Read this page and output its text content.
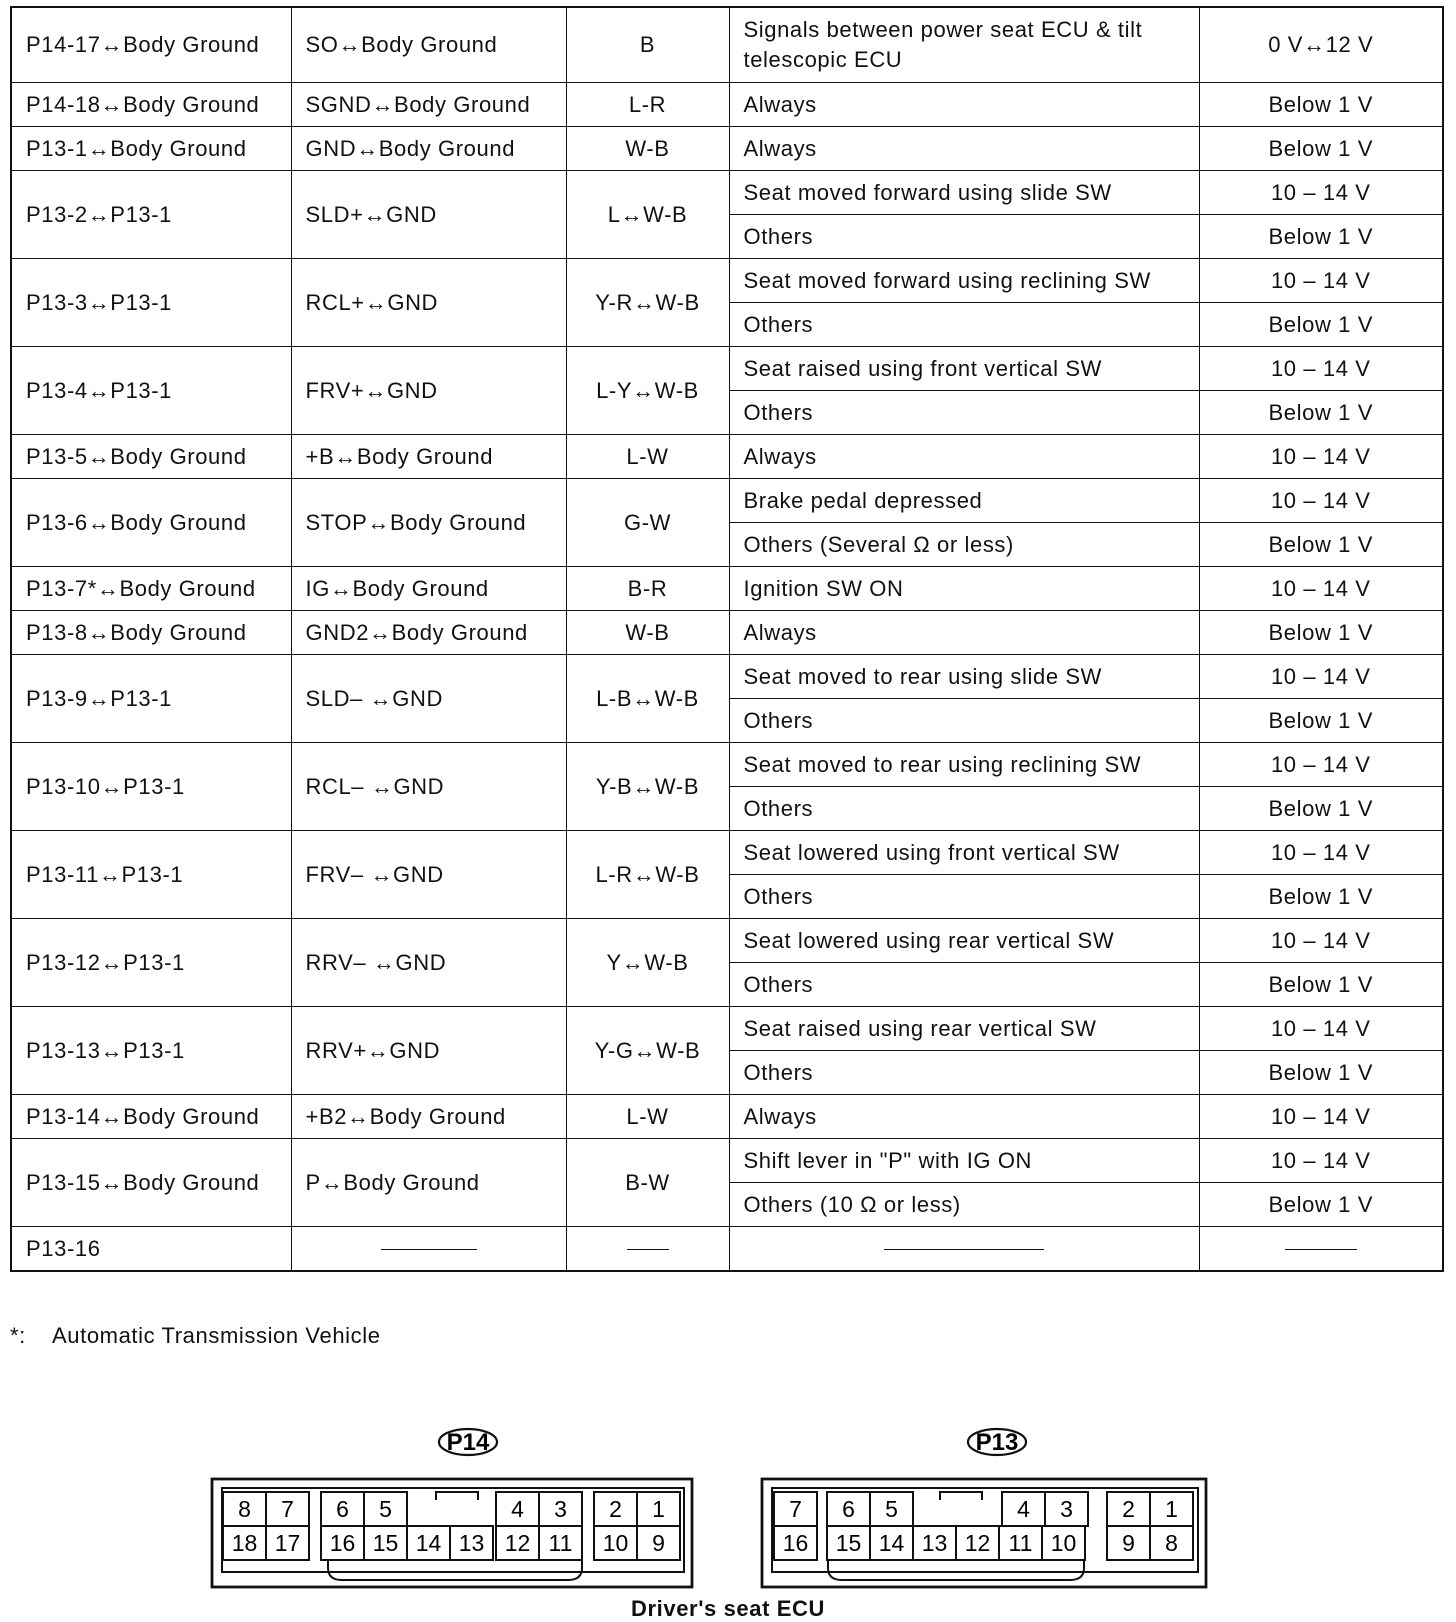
P14-17↔Body Ground	SO↔Body Ground	B	Signals between power seat ECU & tilt telescopic ECU	0 V↔12 V
P14-18↔Body Ground	SGND↔Body Ground	L-R	Always	Below 1 V
P13-1↔Body Ground	GND↔Body Ground	W-B	Always	Below 1 V
P13-2↔P13-1	SLD+↔GND	L↔W-B	Seat moved forward using slide SW	10 – 14 V
			Others	Below 1 V
P13-3↔P13-1	RCL+↔GND	Y-R↔W-B	Seat moved forward using reclining SW	10 – 14 V
			Others	Below 1 V
P13-4↔P13-1	FRV+↔GND	L-Y↔W-B	Seat raised using front vertical SW	10 – 14 V
			Others	Below 1 V
P13-5↔Body Ground	+B↔Body Ground	L-W	Always	10 – 14 V
P13-6↔Body Ground	STOP↔Body Ground	G-W	Brake pedal depressed	10 – 14 V
			Others (Several Ω or less)	Below 1 V
P13-7*↔Body Ground	IG↔Body Ground	B-R	Ignition SW ON	10 – 14 V
P13-8↔Body Ground	GND2↔Body Ground	W-B	Always	Below 1 V
P13-9↔P13-1	SLD– ↔GND	L-B↔W-B	Seat moved to rear using slide SW	10 – 14 V
			Others	Below 1 V
P13-10↔P13-1	RCL– ↔GND	Y-B↔W-B	Seat moved to rear using reclining SW	10 – 14 V
			Others	Below 1 V
P13-11↔P13-1	FRV– ↔GND	L-R↔W-B	Seat lowered using front vertical SW	10 – 14 V
			Others	Below 1 V
P13-12↔P13-1	RRV– ↔GND	Y↔W-B	Seat lowered using rear vertical SW	10 – 14 V
			Others	Below 1 V
P13-13↔P13-1	RRV+↔GND	Y-G↔W-B	Seat raised using rear vertical SW	10 – 14 V
			Others	Below 1 V
P13-14↔Body Ground	+B2↔Body Ground	L-W	Always	10 – 14 V
P13-15↔Body Ground	P↔Body Ground	B-W	Shift lever in "P" with IG ON	10 – 14 V
			Others (10 Ω or less)	Below 1 V
P13-16				
*: Automatic Transmission Vehicle
P14
8 7 6 5	4 3 2 1
18 17 16 15 14 13 12 11 10 9
P13
7 6 5	4 3 2 1
16 15 14 13 12 11 10 9 8
Driver's seat ECU
